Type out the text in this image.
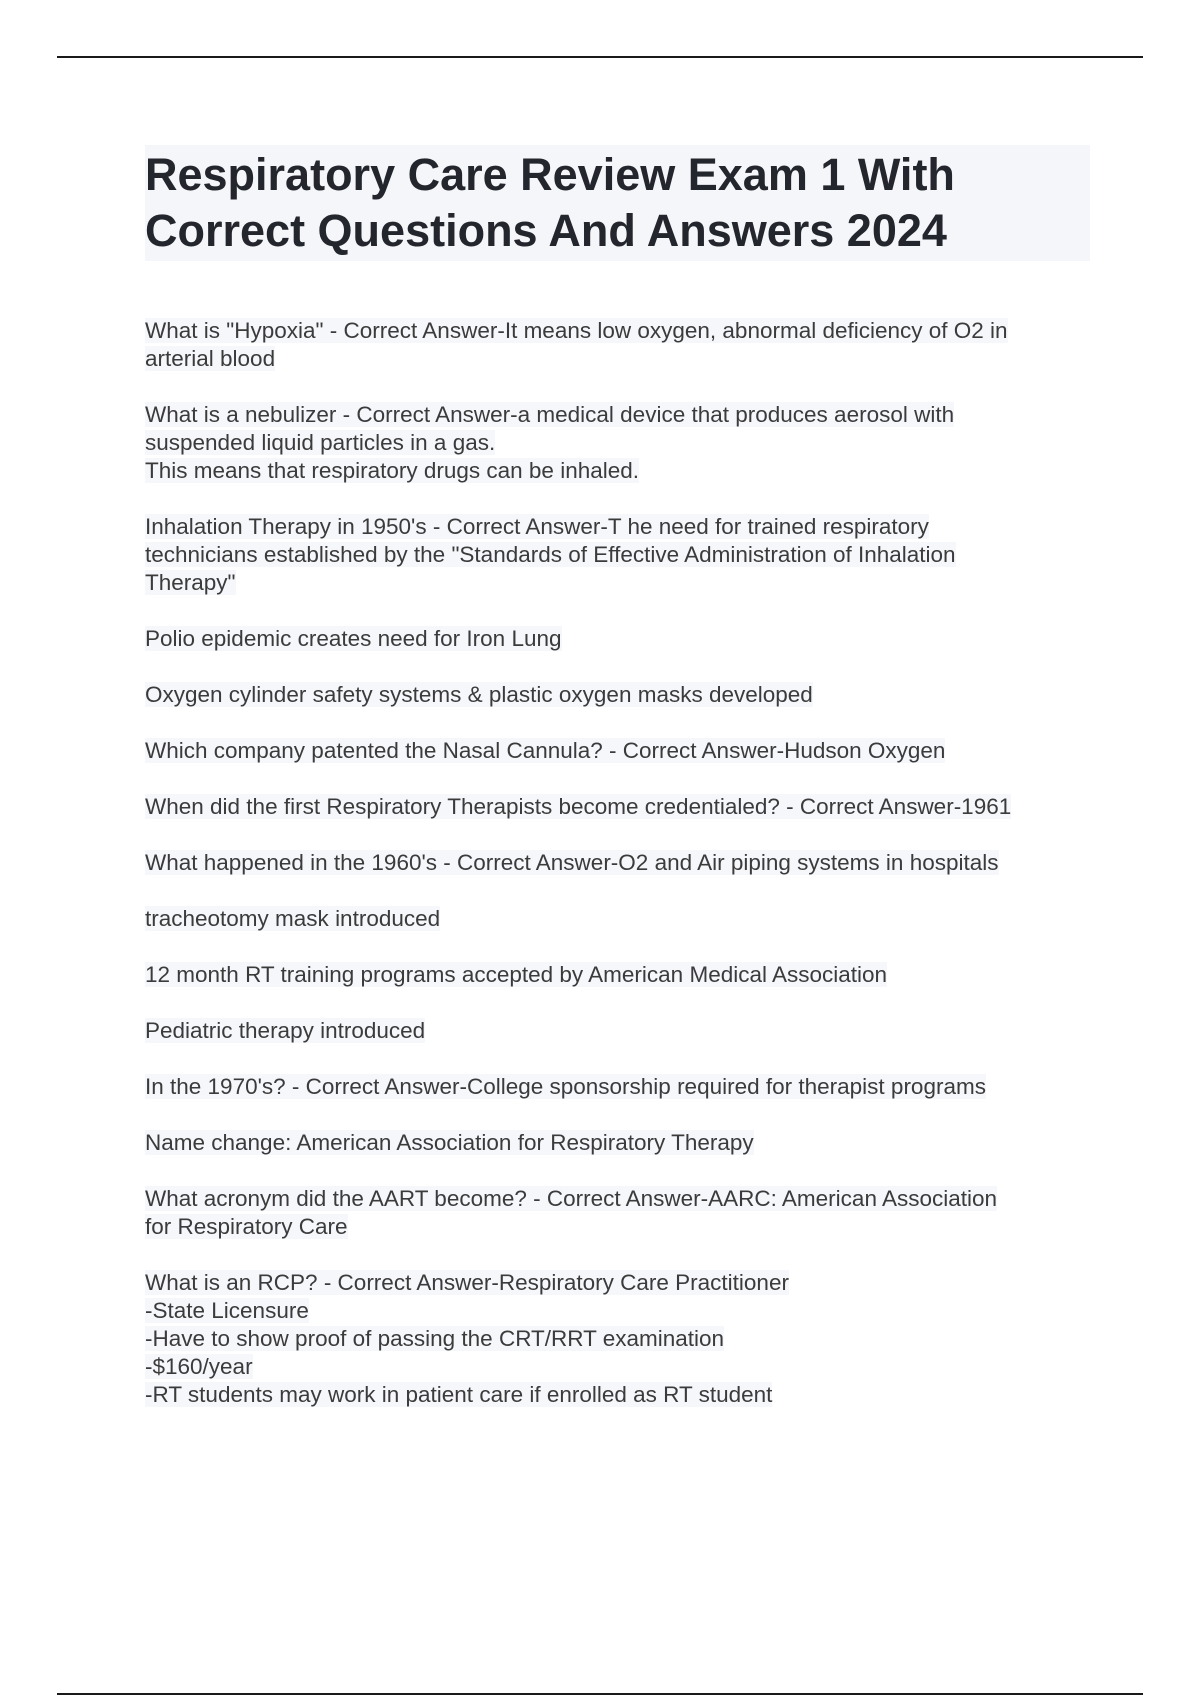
Respiratory Care Review Exam 1 With
Correct Questions And Answers 2024

What is "Hypoxia" - Correct Answer-It means low oxygen, abnormal deficiency of O2 in
arterial blood

What is a nebulizer - Correct Answer-a medical device that produces aerosol with
suspended liquid particles in a gas.
This means that respiratory drugs can be inhaled.

Inhalation Therapy in 1950's - Correct Answer-T he need for trained respiratory
technicians established by the "Standards of Effective Administration of Inhalation
Therapy"

Polio epidemic creates need for Iron Lung

Oxygen cylinder safety systems & plastic oxygen masks developed

Which company patented the Nasal Cannula? - Correct Answer-Hudson Oxygen

When did the first Respiratory Therapists become credentialed? - Correct Answer-1961

What happened in the 1960's - Correct Answer-O2 and Air piping systems in hospitals

tracheotomy mask introduced

12 month RT training programs accepted by American Medical Association

Pediatric therapy introduced

In the 1970's? - Correct Answer-College sponsorship required for therapist programs

Name change: American Association for Respiratory Therapy

What acronym did the AART become? - Correct Answer-AARC: American Association
for Respiratory Care

What is an RCP? - Correct Answer-Respiratory Care Practitioner
-State Licensure
-Have to show proof of passing the CRT/RRT examination
-$160/year
-RT students may work in patient care if enrolled as RT student
